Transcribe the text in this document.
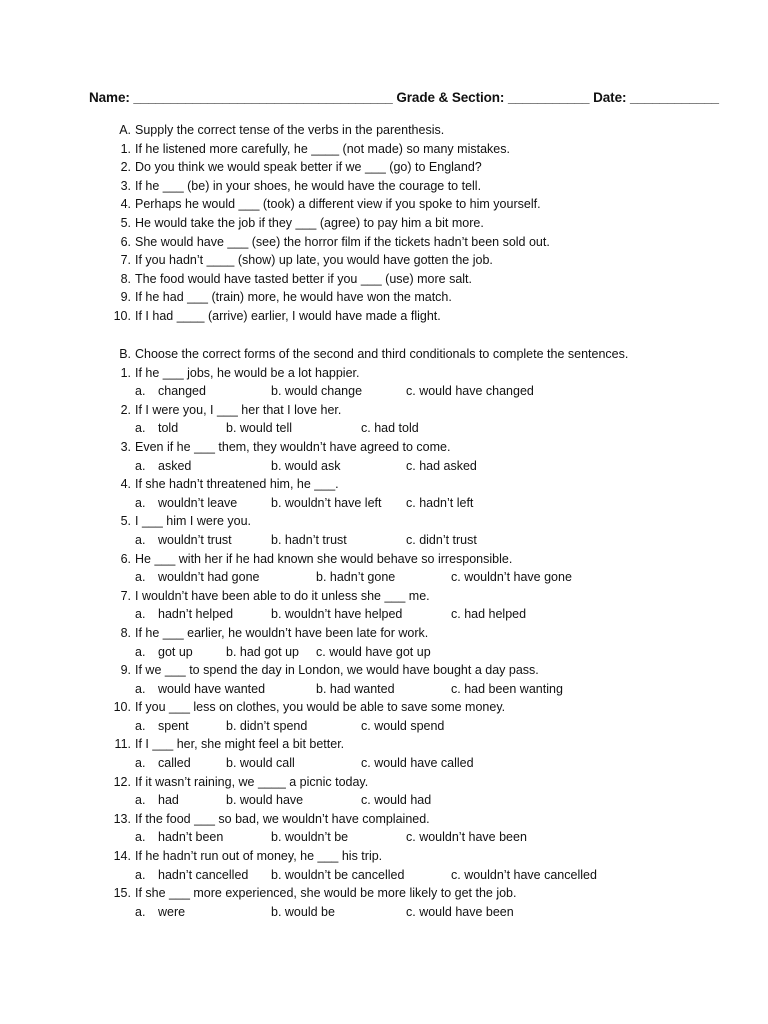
Name: ___________________________________ Grade & Section: ___________ Date: ____________
A. Supply the correct tense of the verbs in the parenthesis.
1. If he listened more carefully, he ____ (not made) so many mistakes.
2. Do you think we would speak better if we ___ (go) to England?
3. If he ___ (be) in your shoes, he would have the courage to tell.
4. Perhaps he would ___ (took) a different view if you spoke to him yourself.
5. He would take the job if they ___ (agree) to pay him a bit more.
6. She would have ___ (see) the horror film if the tickets hadn’t been sold out.
7. If you hadn’t ____ (show) up late, you would have gotten the job.
8. The food would have tasted better if you ___ (use) more salt.
9. If he had ___ (train) more, he would have won the match.
10. If I had ____ (arrive) earlier, I would have made a flight.
B. Choose the correct forms of the second and third conditionals to complete the sentences.
1. If he ___ jobs, he would be a lot happier.
a. changed	b. would change	c. would have changed
2. If I were you, I ___ her that I love her.
a. told	b. would tell	c. had told
3. Even if he ___ them, they wouldn’t have agreed to come.
a. asked	b. would ask	c. had asked
4. If she hadn’t threatened him, he ___.
a. wouldn’t leave	b. wouldn’t have left c. hadn’t left
5. I ___ him I were you.
a. wouldn’t trust	b. hadn’t trust	c. didn’t trust
6. He ___ with her if he had known she would behave so irresponsible.
a. wouldn’t had gone	b. hadn’t gone	c. wouldn’t have gone
7. I wouldn’t have been able to do it unless she ___ me.
a. hadn’t helped	b. wouldn’t have helped	c. had helped
8. If he ___ earlier, he wouldn’t have been late for work.
a. got up	b. had got up c. would have got up
9. If we ___ to spend the day in London, we would have bought a day pass.
a. would have wanted	b. had wanted	c. had been wanting
10. If you ___ less on clothes, you would be able to save some money.
a. spent	b. didn’t spend	c. would spend
11. If I ___ her, she might feel a bit better.
a. called	b. would call	c. would have called
12. If it wasn’t raining, we ____ a picnic today.
a. had	b. would have	c. would had
13. If the food ___ so bad, we wouldn’t have complained.
a. hadn’t been	b. wouldn’t be	c. wouldn’t have been
14. If he hadn’t run out of money, he ___ his trip.
a. hadn’t cancelled b. wouldn’t be cancelled	c. wouldn’t have cancelled
15. If she ___ more experienced, she would be more likely to get the job.
a. were	b. would be	c. would have been
